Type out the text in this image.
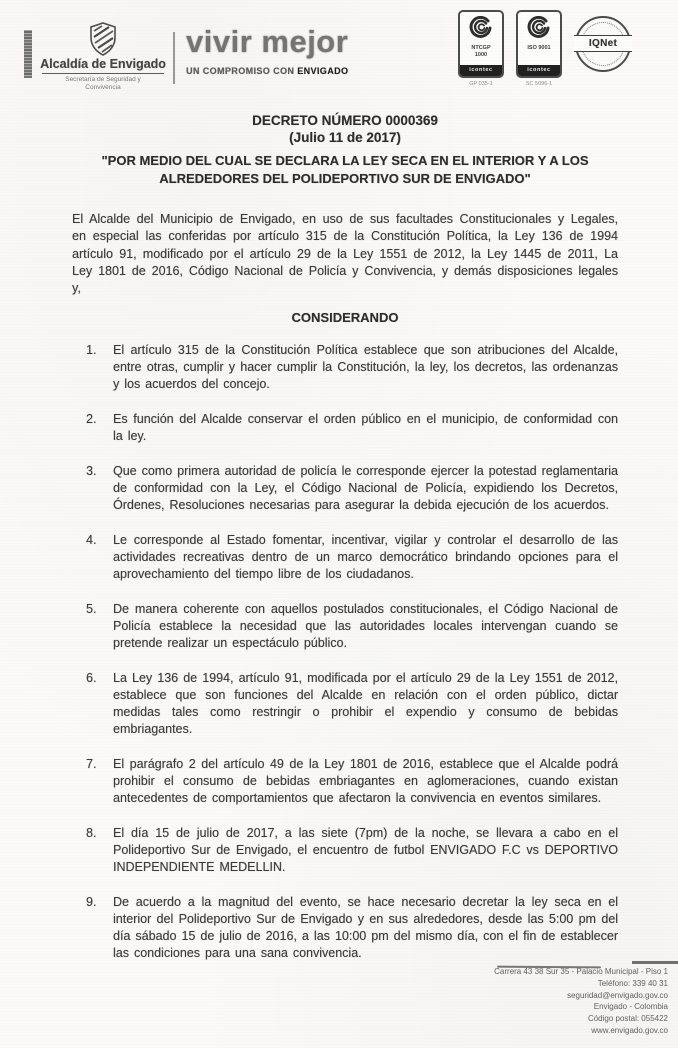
Alcaldía de Envigado
Secretaría de Seguridad y Convivencia
vivir mejor
UN COMPROMISO CON ENVIGADO
NTCGP
1000
icontec
GP 035-1
ISO 9001
icontec
SC 5096-1
IQNet
DECRETO NÚMERO 0000369
(Julio 11 de 2017)
"POR MEDIO DEL CUAL SE DECLARA LA LEY SECA EN EL INTERIOR Y A LOS ALREDEDORES DEL POLIDEPORTIVO SUR DE ENVIGADO"

El Alcalde del Municipio de Envigado, en uso de sus facultades Constitucionales y Legales, en especial las conferidas por artículo 315 de la Constitución Política, la Ley 136 de 1994 artículo 91, modificado por el artículo 29 de la Ley 1551 de 2012, la Ley 1445 de 2011, La Ley 1801 de 2016, Código Nacional de Policía y Convivencia, y demás disposiciones legales y,

CONSIDERANDO
1.	El artículo 315 de la Constitución Política establece que son atribuciones del Alcalde, entre otras, cumplir y hacer cumplir la Constitución, la ley, los decretos, las ordenanzas y los acuerdos del concejo.
2.	Es función del Alcalde conservar el orden público en el municipio, de conformidad con la ley.
3.	Que como primera autoridad de policía le corresponde ejercer la potestad reglamentaria de conformidad con la Ley, el Código Nacional de Policía, expidiendo los Decretos, Órdenes, Resoluciones necesarias para asegurar la debida ejecución de los acuerdos.
4.	Le corresponde al Estado fomentar, incentivar, vigilar y controlar el desarrollo de las actividades recreativas dentro de un marco democrático brindando opciones para el aprovechamiento del tiempo libre de los ciudadanos.
5.	De manera coherente con aquellos postulados constitucionales, el Código Nacional de Policía establece la necesidad que las autoridades locales intervengan cuando se pretende realizar un espectáculo público.
6.	La Ley 136 de 1994, artículo 91, modificada por el artículo 29 de la Ley 1551 de 2012, establece que son funciones del Alcalde en relación con el orden público, dictar medidas tales como restringir o prohibir el expendio y consumo de bebidas embriagantes.
7.	El parágrafo 2 del artículo 49 de la Ley 1801 de 2016, establece que el Alcalde podrá prohibir el consumo de bebidas embriagantes en aglomeraciones, cuando existan antecedentes de comportamientos que afectaron la convivencia en eventos similares.
8.	El día 15 de julio de 2017, a las siete (7pm) de la noche, se llevara a cabo en el Polideportivo Sur de Envigado, el encuentro de futbol ENVIGADO F.C vs DEPORTIVO INDEPENDIENTE MEDELLIN.
9.	De acuerdo a la magnitud del evento, se hace necesario decretar la ley seca en el interior del Polideportivo Sur de Envigado y en sus alrededores, desde las 5:00 pm del día sábado 15 de julio de 2016, a las 10:00 pm del mismo día, con el fin de establecer las condiciones para una sana convivencia.
Carrera 43 38 Sur 35 - Palacio Municipal - Piso 1
Teléfono: 339 40 31
seguridad@envigado.gov.co
Envigado - Colombia
Código postal: 055422
www.envigado.gov.co
